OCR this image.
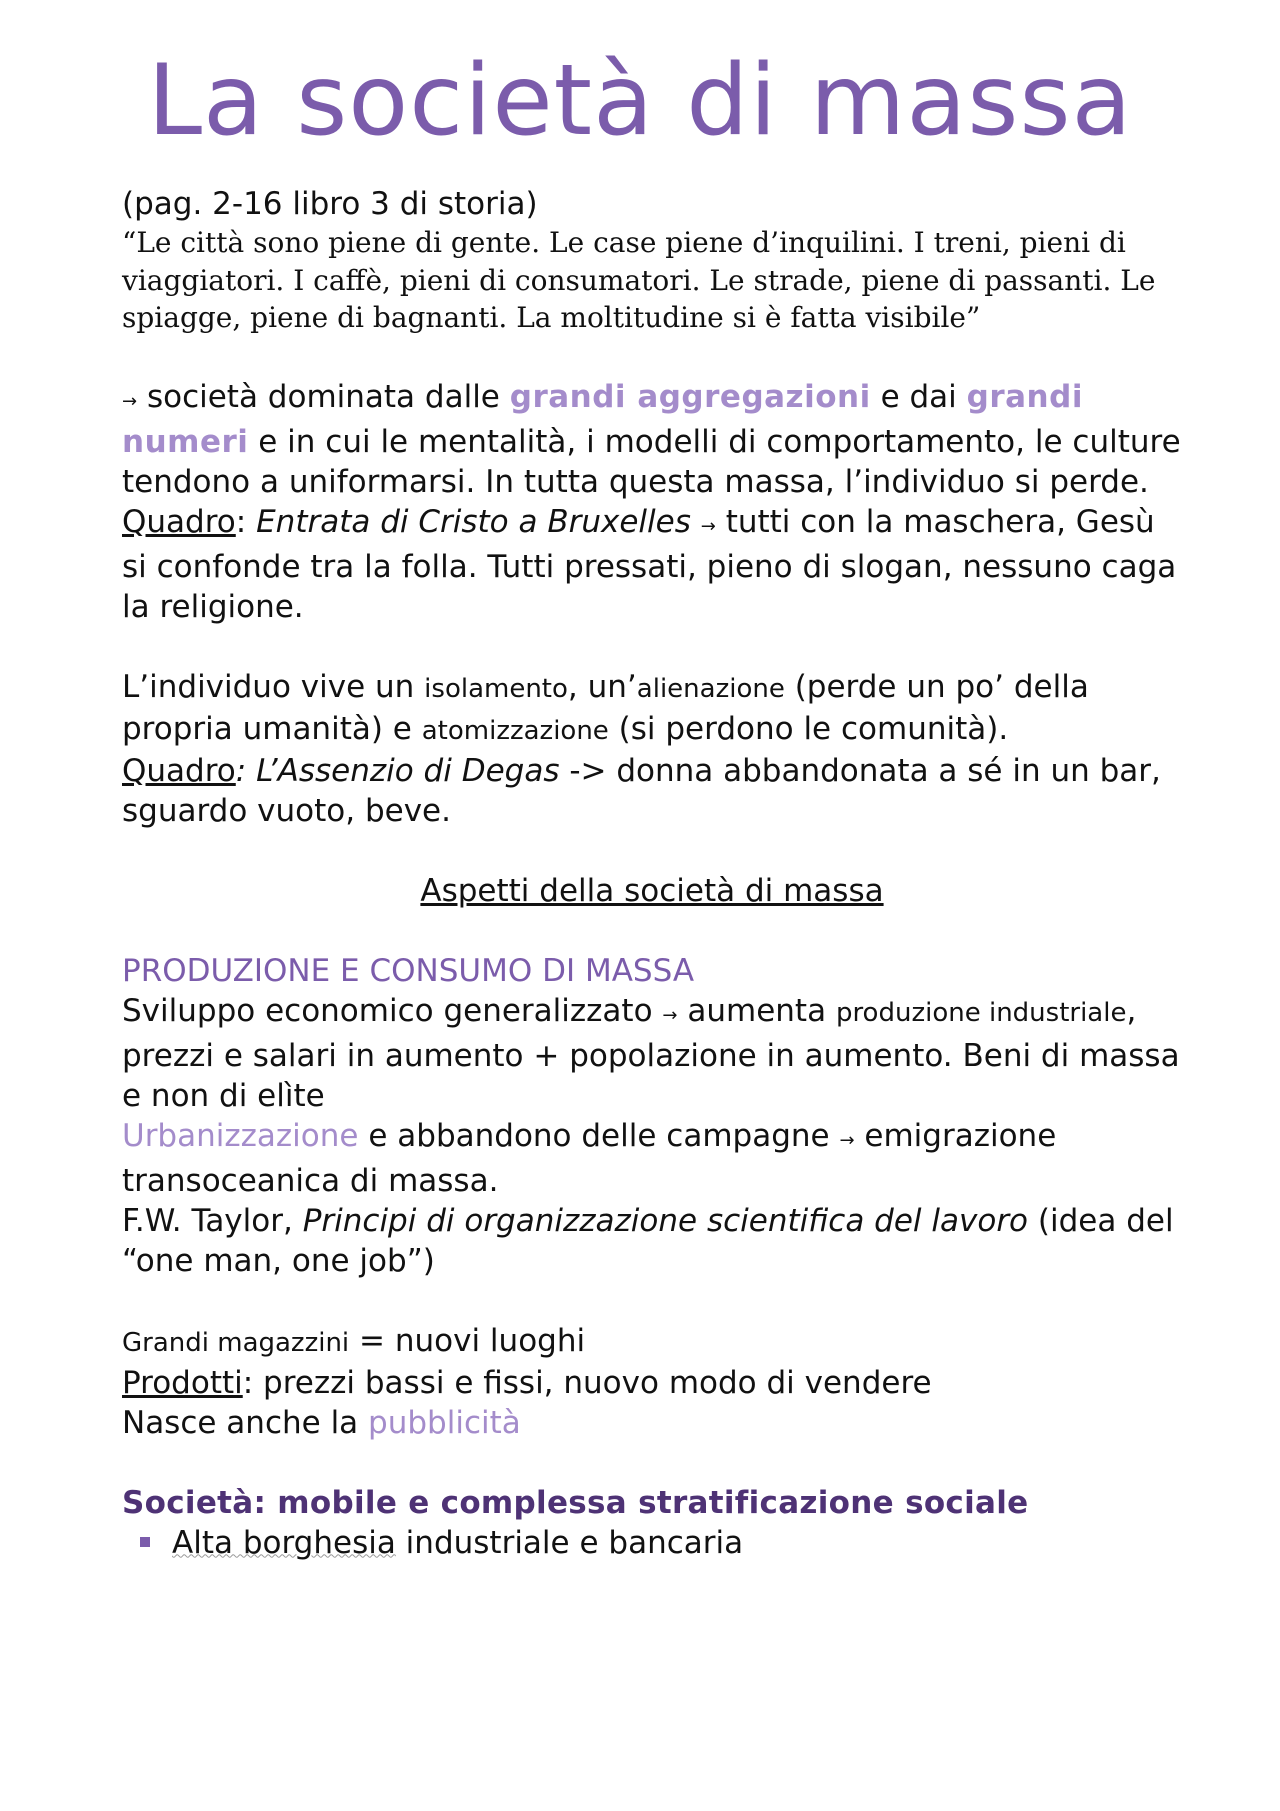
La società di massa
(pag. 2-16 libro 3 di storia)
“Le città sono piene di gente. Le case piene d’inquilini. I treni, pieni di viaggiatori. I caffè, pieni di consumatori. Le strade, piene di passanti. Le spiagge, piene di bagnanti. La moltitudine si è fatta visibile”
→ società dominata dalle grandi aggregazioni e dai grandi numeri e in cui le mentalità, i modelli di comportamento, le culture tendono a uniformarsi. In tutta questa massa, l’individuo si perde.
Quadro: Entrata di Cristo a Bruxelles → tutti con la maschera, Gesù si confonde tra la folla. Tutti pressati, pieno di slogan, nessuno caga la religione.
L’individuo vive un isolamento, un’alienazione (perde un po’ della propria umanità) e atomizzazione (si perdono le comunità).
Quadro: L’Assenzio di Degas -> donna abbandonata a sé in un bar, sguardo vuoto, beve.
Aspetti della società di massa
PRODUZIONE E CONSUMO DI MASSA
Sviluppo economico generalizzato → aumenta produzione industriale, prezzi e salari in aumento + popolazione in aumento. Beni di massa e non di elìte
Urbanizzazione e abbandono delle campagne → emigrazione transoceanica di massa.
F.W. Taylor, Principi di organizzazione scientifica del lavoro (idea del “one man, one job”)
Grandi magazzini = nuovi luoghi
Prodotti: prezzi bassi e fissi, nuovo modo di vendere
Nasce anche la pubblicità
Società: mobile e complessa stratificazione sociale
Alta borghesia industriale e bancaria
